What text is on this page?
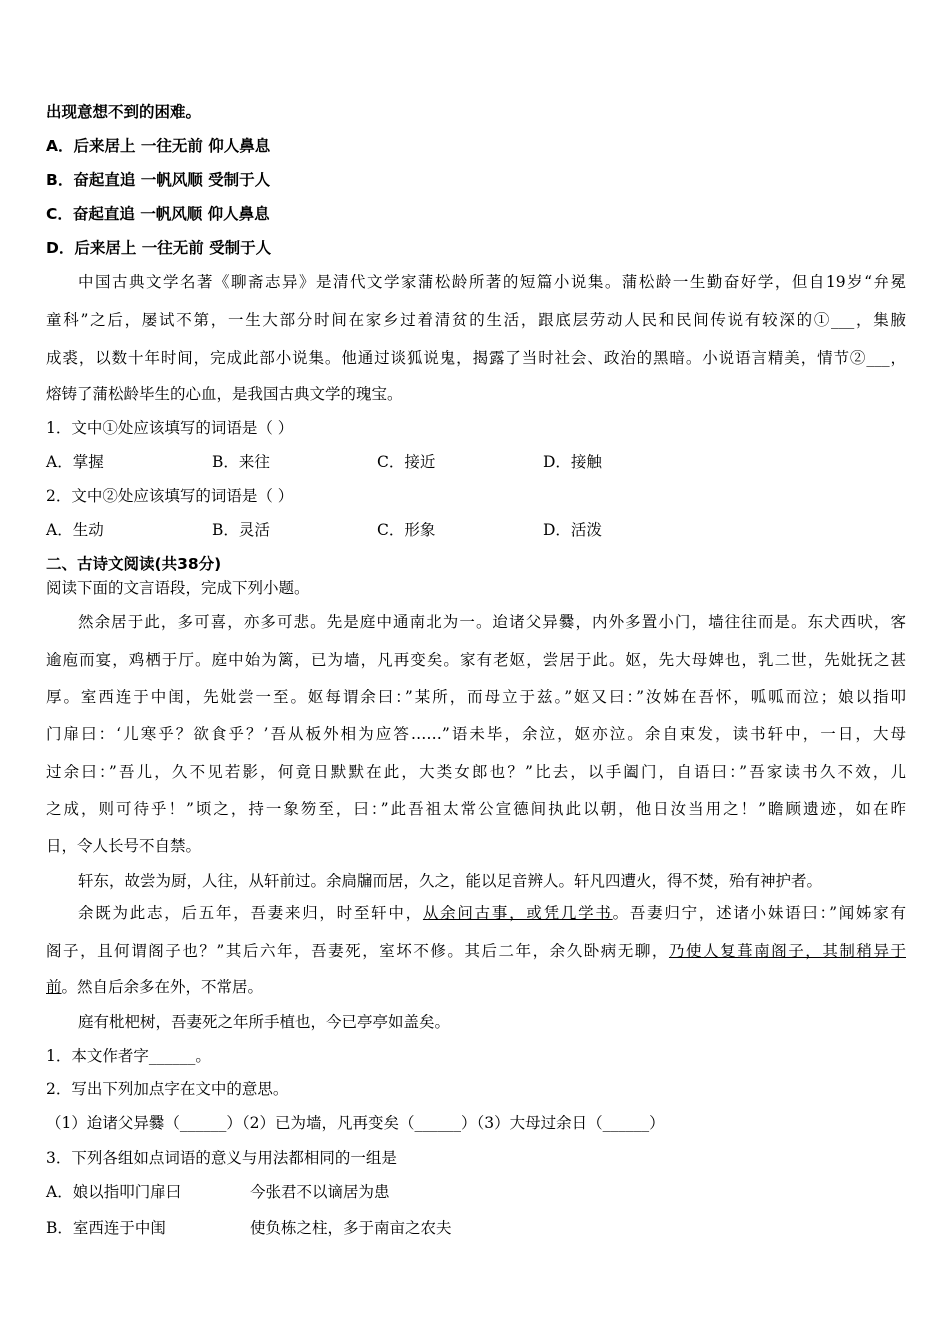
出现意想不到的困难。
A．后来居上 一往无前 仰人鼻息
B．奋起直追 一帆风顺 受制于人
C．奋起直追 一帆风顺 仰人鼻息
D．后来居上 一往无前 受制于人
中国古典文学名著《聊斋志异》是清代文学家蒲松龄所著的短篇小说集。蒲松龄一生勤奋好学，但自19岁“弁冕
童科”之后，屡试不第，一生大部分时间在家乡过着清贫的生活，跟底层劳动人民和民间传说有较深的①___，集腋
成裘，以数十年时间，完成此部小说集。他通过谈狐说鬼，揭露了当时社会、政治的黑暗。小说语言精美，情节②___，
熔铸了蒲松龄毕生的心血，是我国古典文学的瑰宝。
1．文中①处应该填写的词语是（ ）
A．掌握	B．来往	C．接近	D．接触
2．文中②处应该填写的词语是（ ）
A．生动	B．灵活	C．形象	D．活泼
二、古诗文阅读(共38分)
阅读下面的文言语段，完成下列小题。
然余居于此，多可喜，亦多可悲。先是庭中通南北为一。迨诸父异爨，内外多置小门，墙往往而是。东犬西吠，客
逾庖而宴，鸡栖于厅。庭中始为篱，已为墙，凡再变矣。家有老妪，尝居于此。妪，先大母婢也，乳二世，先妣抚之甚
厚。室西连于中闺，先妣尝一至。妪每谓余曰：”某所，而母立于兹。”妪又曰：”汝姊在吾怀，呱呱而泣；娘以指叩
门扉曰：‘儿寒乎？欲食乎？’吾从板外相为应答……”语未毕，余泣，妪亦泣。余自束发，读书轩中，一日，大母
过余曰：”吾儿，久不见若影，何竟日默默在此，大类女郎也？”比去，以手阖门，自语曰：”吾家读书久不效，儿
之成，则可待乎！”顷之，持一象笏至，曰：”此吾祖太常公宣德间执此以朝，他日汝当用之！”瞻顾遗迹，如在昨
日，令人长号不自禁。
轩东，故尝为厨，人往，从轩前过。余扃牖而居，久之，能以足音辨人。轩凡四遭火，得不焚，殆有神护者。
余既为此志，后五年，吾妻来归，时至轩中，从余问古事，或凭几学书。吾妻归宁，述诸小妹语曰：”闻姊家有
阁子，且何谓阁子也？”其后六年，吾妻死，室坏不修。其后二年，余久卧病无聊，乃使人复葺南阁子，其制稍异于
前。然自后余多在外，不常居。
庭有枇杷树，吾妻死之年所手植也，今已亭亭如盖矣。
1．本文作者字______。
2．写出下列加点字在文中的意思。
（1）迨诸父异爨（______）（2）已为墙，凡再变矣（______）（3）大母过余日（______）
3．下列各组如点词语的意义与用法都相同的一组是
A．娘以指叩门扉曰	今张君不以谪居为患
B．室西连于中闺	使负栋之柱，多于南亩之农夫
